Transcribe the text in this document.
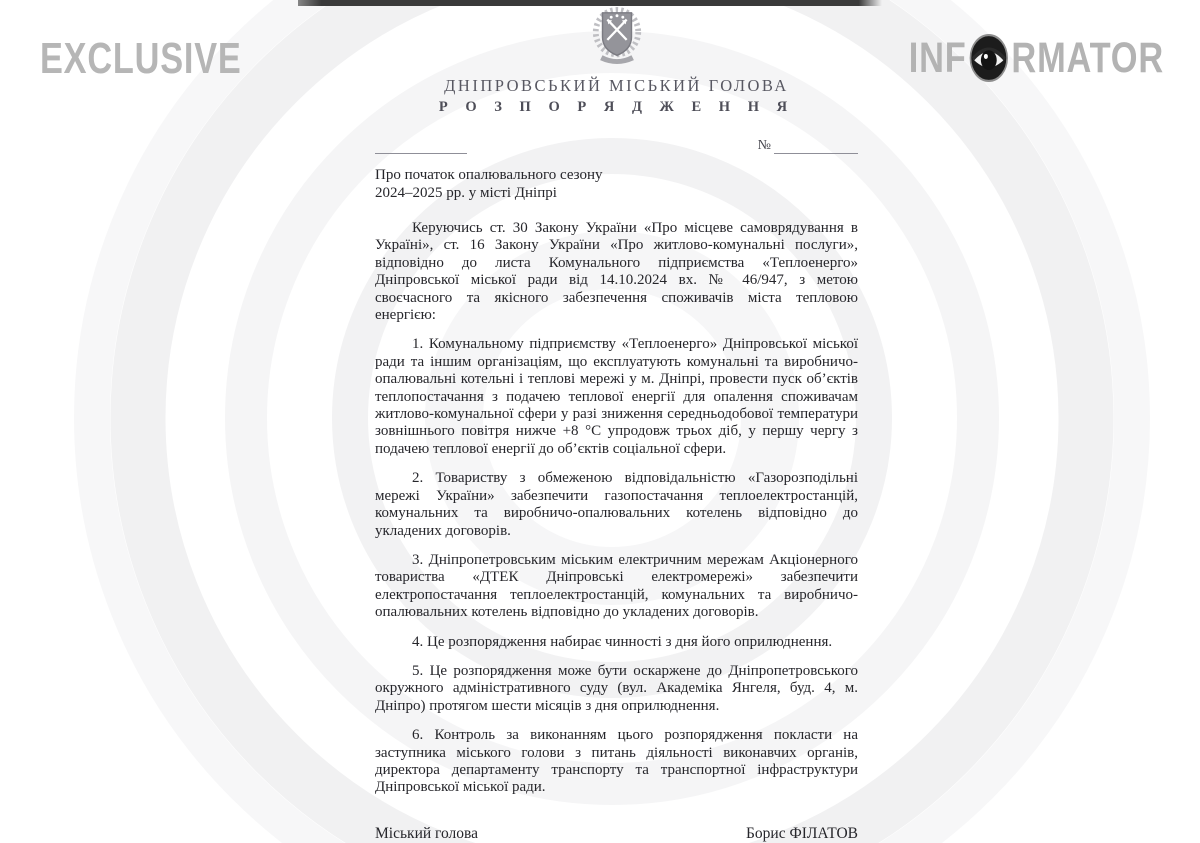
EXCLUSIVE	INF RMATOR
ДНІПРОВСЬКИЙ МІСЬКИЙ ГОЛОВА
Р О З П О Р Я Д Ж Е Н Н Я
№
Про початок опалювального сезону
2024–2025 рр. у місті Дніпрі

Керуючись ст. 30 Закону України «Про місцеве самоврядування в Україні», ст. 16 Закону України «Про житлово-комунальні послуги», відповідно до листа Комунального підприємства «Теплоенерго» Дніпровської міської ради від 14.10.2024 вх. № 46/947, з метою своєчасного та якісного забезпечення споживачів міста тепловою енергією:

1. Комунальному підприємству «Теплоенерго» Дніпровської міської ради та іншим організаціям, що експлуатують комунальні та виробничо-опалювальні котельні і теплові мережі у м. Дніпрі, провести пуск об’єктів теплопостачання з подачею теплової енергії для опалення споживачам житлово-комунальної сфери у разі зниження середньодобової температури зовнішнього повітря нижче +8 °С упродовж трьох діб, у першу чергу з подачею теплової енергії до об’єктів соціальної сфери.

2. Товариству з обмеженою відповідальністю «Газорозподільні мережі України» забезпечити газопостачання теплоелектростанцій, комунальних та виробничо-опалювальних котелень відповідно до укладених договорів.

3. Дніпропетровським міським електричним мережам Акціонерного товариства «ДТЕК Дніпровські електромережі» забезпечити електропостачання теплоелектростанцій, комунальних та виробничо-опалювальних котелень відповідно до укладених договорів.

4. Це розпорядження набирає чинності з дня його оприлюднення.

5. Це розпорядження може бути оскаржене до Дніпропетровського окружного адміністративного суду (вул. Академіка Янгеля, буд. 4, м. Дніпро) протягом шести місяців з дня оприлюднення.

6. Контроль за виконанням цього розпорядження покласти на заступника міського голови з питань діяльності виконавчих органів, директора департаменту транспорту та транспортної інфраструктури Дніпровської міської ради.

Міський голова	Борис ФІЛАТОВ
